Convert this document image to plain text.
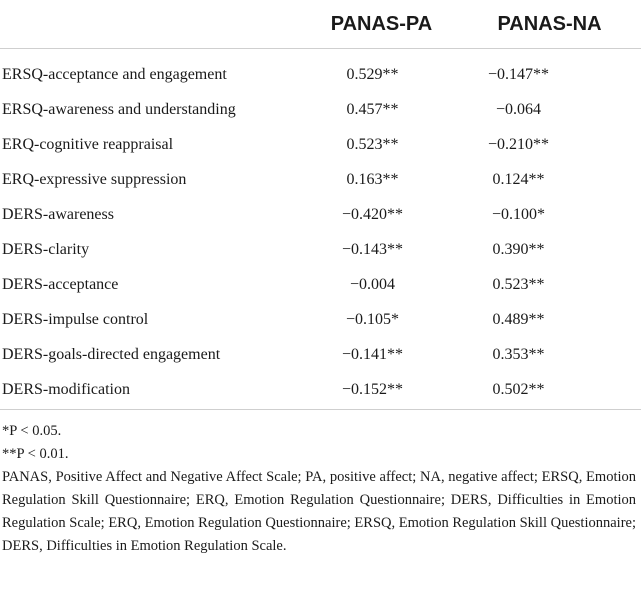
	PANAS-PA	PANAS-NA
ERSQ-acceptance and engagement	0.529**	−0.147**
ERSQ-awareness and understanding	0.457**	−0.064
ERQ-cognitive reappraisal	0.523**	−0.210**
ERQ-expressive suppression	0.163**	0.124**
DERS-awareness	−0.420**	−0.100*
DERS-clarity	−0.143**	0.390**
DERS-acceptance	−0.004	0.523**
DERS-impulse control	−0.105*	0.489**
DERS-goals-directed engagement	−0.141**	0.353**
DERS-modification	−0.152**	0.502**
*P < 0.05.
**P < 0.01.
PANAS, Positive Affect and Negative Affect Scale; PA, positive affect; NA, negative affect; ERSQ, Emotion Regulation Skill Questionnaire; ERQ, Emotion Regulation Questionnaire; DERS, Difficulties in Emotion Regulation Scale; ERQ, Emotion Regulation Questionnaire; ERSQ, Emotion Regulation Skill Questionnaire; DERS, Difficulties in Emotion Regulation Scale.
